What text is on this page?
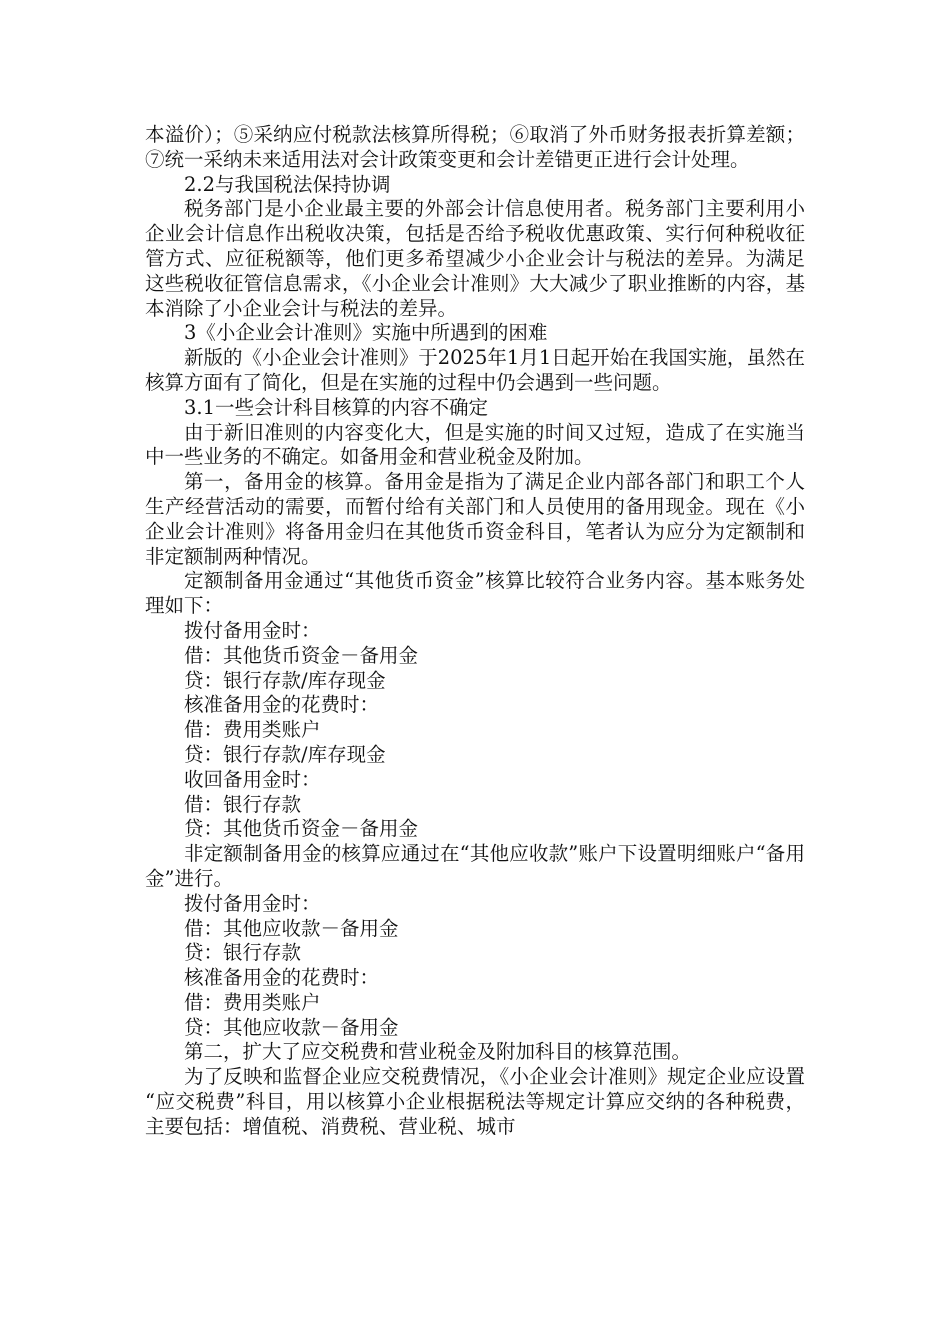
本溢价）；⑤采纳应付税款法核算所得税；⑥取消了外币财务报表折算差额；⑦统一采纳未来适用法对会计政策变更和会计差错更正进行会计处理。

2.2与我国税法保持协调

税务部门是小企业最主要的外部会计信息使用者。税务部门主要利用小企业会计信息作出税收决策，包括是否给予税收优惠政策、实行何种税收征管方式、应征税额等，他们更多希望减少小企业会计与税法的差异。为满足这些税收征管信息需求，《小企业会计准则》大大减少了职业推断的内容，基本消除了小企业会计与税法的差异。

3《小企业会计准则》实施中所遇到的困难

新版的《小企业会计准则》于2025年1月1日起开始在我国实施，虽然在核算方面有了简化，但是在实施的过程中仍会遇到一些问题。

3.1一些会计科目核算的内容不确定

由于新旧准则的内容变化大，但是实施的时间又过短，造成了在实施当中一些业务的不确定。如备用金和营业税金及附加。

第一，备用金的核算。备用金是指为了满足企业内部各部门和职工个人生产经营活动的需要，而暂付给有关部门和人员使用的备用现金。现在《小企业会计准则》将备用金归在其他货币资金科目，笔者认为应分为定额制和非定额制两种情况。

定额制备用金通过“其他货币资金”核算比较符合业务内容。基本账务处理如下：

拨付备用金时：

借：其他货币资金－备用金

贷：银行存款/库存现金

核准备用金的花费时：

借：费用类账户

贷：银行存款/库存现金

收回备用金时：

借：银行存款

贷：其他货币资金－备用金

非定额制备用金的核算应通过在“其他应收款”账户下设置明细账户“备用金”进行。

拨付备用金时：

借：其他应收款－备用金

贷：银行存款

核准备用金的花费时：

借：费用类账户

贷：其他应收款－备用金

第二，扩大了应交税费和营业税金及附加科目的核算范围。

为了反映和监督企业应交税费情况，《小企业会计准则》规定企业应设置“应交税费”科目，用以核算小企业根据税法等规定计算应交纳的各种税费，主要包括：增值税、消费税、营业税、城市
